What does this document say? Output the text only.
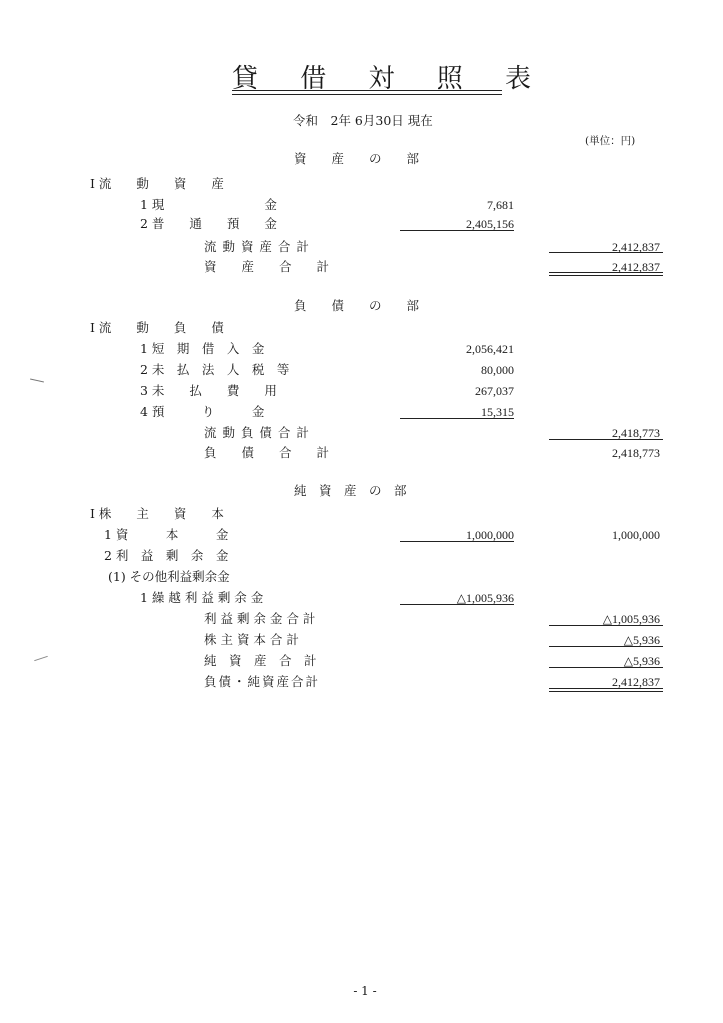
貸 借 対 照 表
令和　2年 6月30日 現在
(単位：円)
資　　産　　の　　部
Ⅰ 流　　動　　資　　産
1 現　　　　　　　　金	7,681
2 普　　通　　預　　金	2,405,156
流 動 資 産 合 計	2,412,837
資　　産　　合　　計	2,412,837
負　　債　　の　　部
Ⅰ 流　　動　　負　　債
1 短　期　借　入　金	2,056,421
2 未　払　法　人　税　等	80,000
3 未　　払　　費　　用	267,037
4 預　　　り　　　金	15,315
流 動 負 債 合 計	2,418,773
負　　債　　合　　計	2,418,773
純　資　産　の　部
Ⅰ 株　　主　　資　　本
1 資　　　本　　　金	1,000,000	1,000,000
2 利　益　剰　余　金
(1) その他利益剰余金
1 繰 越 利 益 剰 余 金	△1,005,936
利 益 剰 余 金 合 計	△1,005,936
株 主 資 本 合 計	△5,936
純　資　産　合　計	△5,936
負債・純資産合計	2,412,837
- 1 -
